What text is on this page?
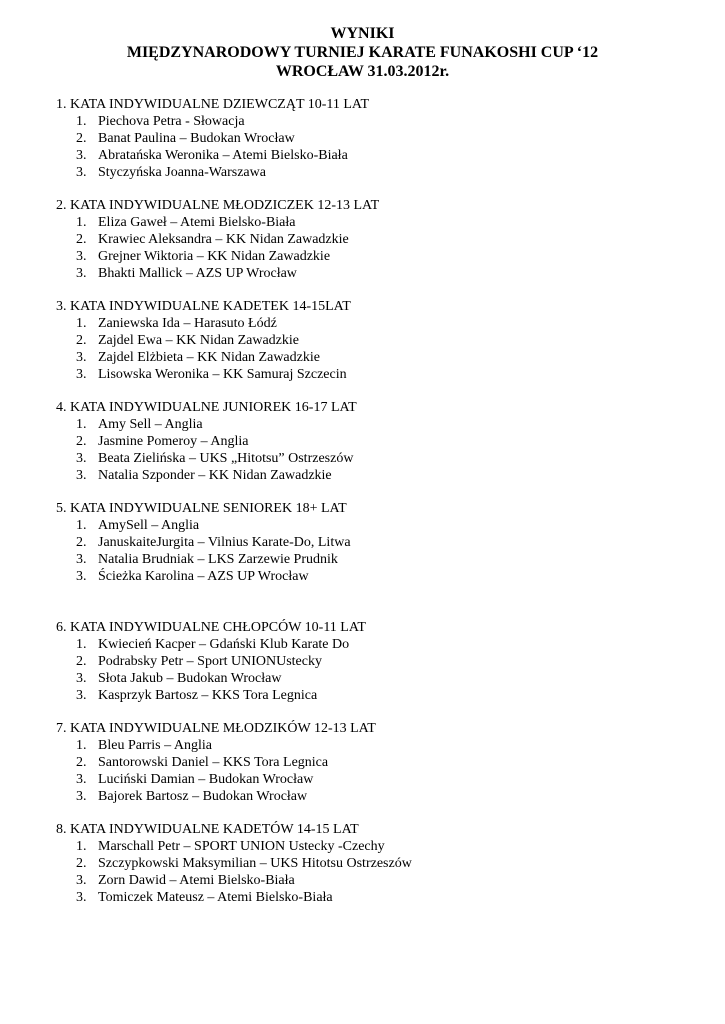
WYNIKI
MIĘDZYNARODOWY TURNIEJ KARATE FUNAKOSHI CUP ‘12
WROCŁAW 31.03.2012r.
1. KATA INDYWIDUALNE DZIEWCZĄT 10-11 LAT
1. Piechova Petra - Słowacja
2. Banat Paulina – Budokan Wrocław
3. Abratańska Weronika – Atemi Bielsko-Biała
3. Styczyńska Joanna-Warszawa
2. KATA INDYWIDUALNE MŁODZICZEK 12-13 LAT
1. Eliza Gaweł – Atemi Bielsko-Biała
2. Krawiec Aleksandra – KK Nidan Zawadzkie
3. Grejner Wiktoria – KK Nidan Zawadzkie
3. Bhakti Mallick – AZS UP Wrocław
3. KATA INDYWIDUALNE KADETEK 14-15LAT
1. Zaniewska Ida – Harasuto Łódź
2. Zajdel Ewa – KK Nidan Zawadzkie
3. Zajdel Elżbieta – KK Nidan Zawadzkie
3. Lisowska Weronika – KK Samuraj Szczecin
4. KATA INDYWIDUALNE JUNIOREK 16-17 LAT
1. Amy Sell – Anglia
2. Jasmine Pomeroy – Anglia
3. Beata Zielińska – UKS „Hitotsu” Ostrzeszów
3. Natalia Szponder – KK Nidan Zawadzkie
5. KATA INDYWIDUALNE SENIOREK 18+ LAT
1. AmySell – Anglia
2. JanuskaiteJurgita – Vilnius Karate-Do, Litwa
3. Natalia Brudniak – LKS Zarzewie Prudnik
3. Ścieżka Karolina – AZS UP Wrocław
6. KATA INDYWIDUALNE CHŁOPCÓW 10-11 LAT
1. Kwiecień Kacper – Gdański Klub Karate Do
2. Podrabsky Petr – Sport UNIONUstecky
3. Słota Jakub – Budokan Wrocław
3. Kasprzyk Bartosz – KKS Tora Legnica
7. KATA INDYWIDUALNE MŁODZIKÓW 12-13 LAT
1. Bleu Parris – Anglia
2. Santorowski Daniel – KKS Tora Legnica
3. Luciński Damian – Budokan Wrocław
3. Bajorek Bartosz – Budokan Wrocław
8. KATA INDYWIDUALNE KADETÓW 14-15 LAT
1. Marschall Petr – SPORT UNION Ustecky -Czechy
2. Szczypkowski Maksymilian – UKS Hitotsu Ostrzeszów
3. Zorn Dawid – Atemi Bielsko-Biała
3. Tomiczek Mateusz – Atemi Bielsko-Biała
